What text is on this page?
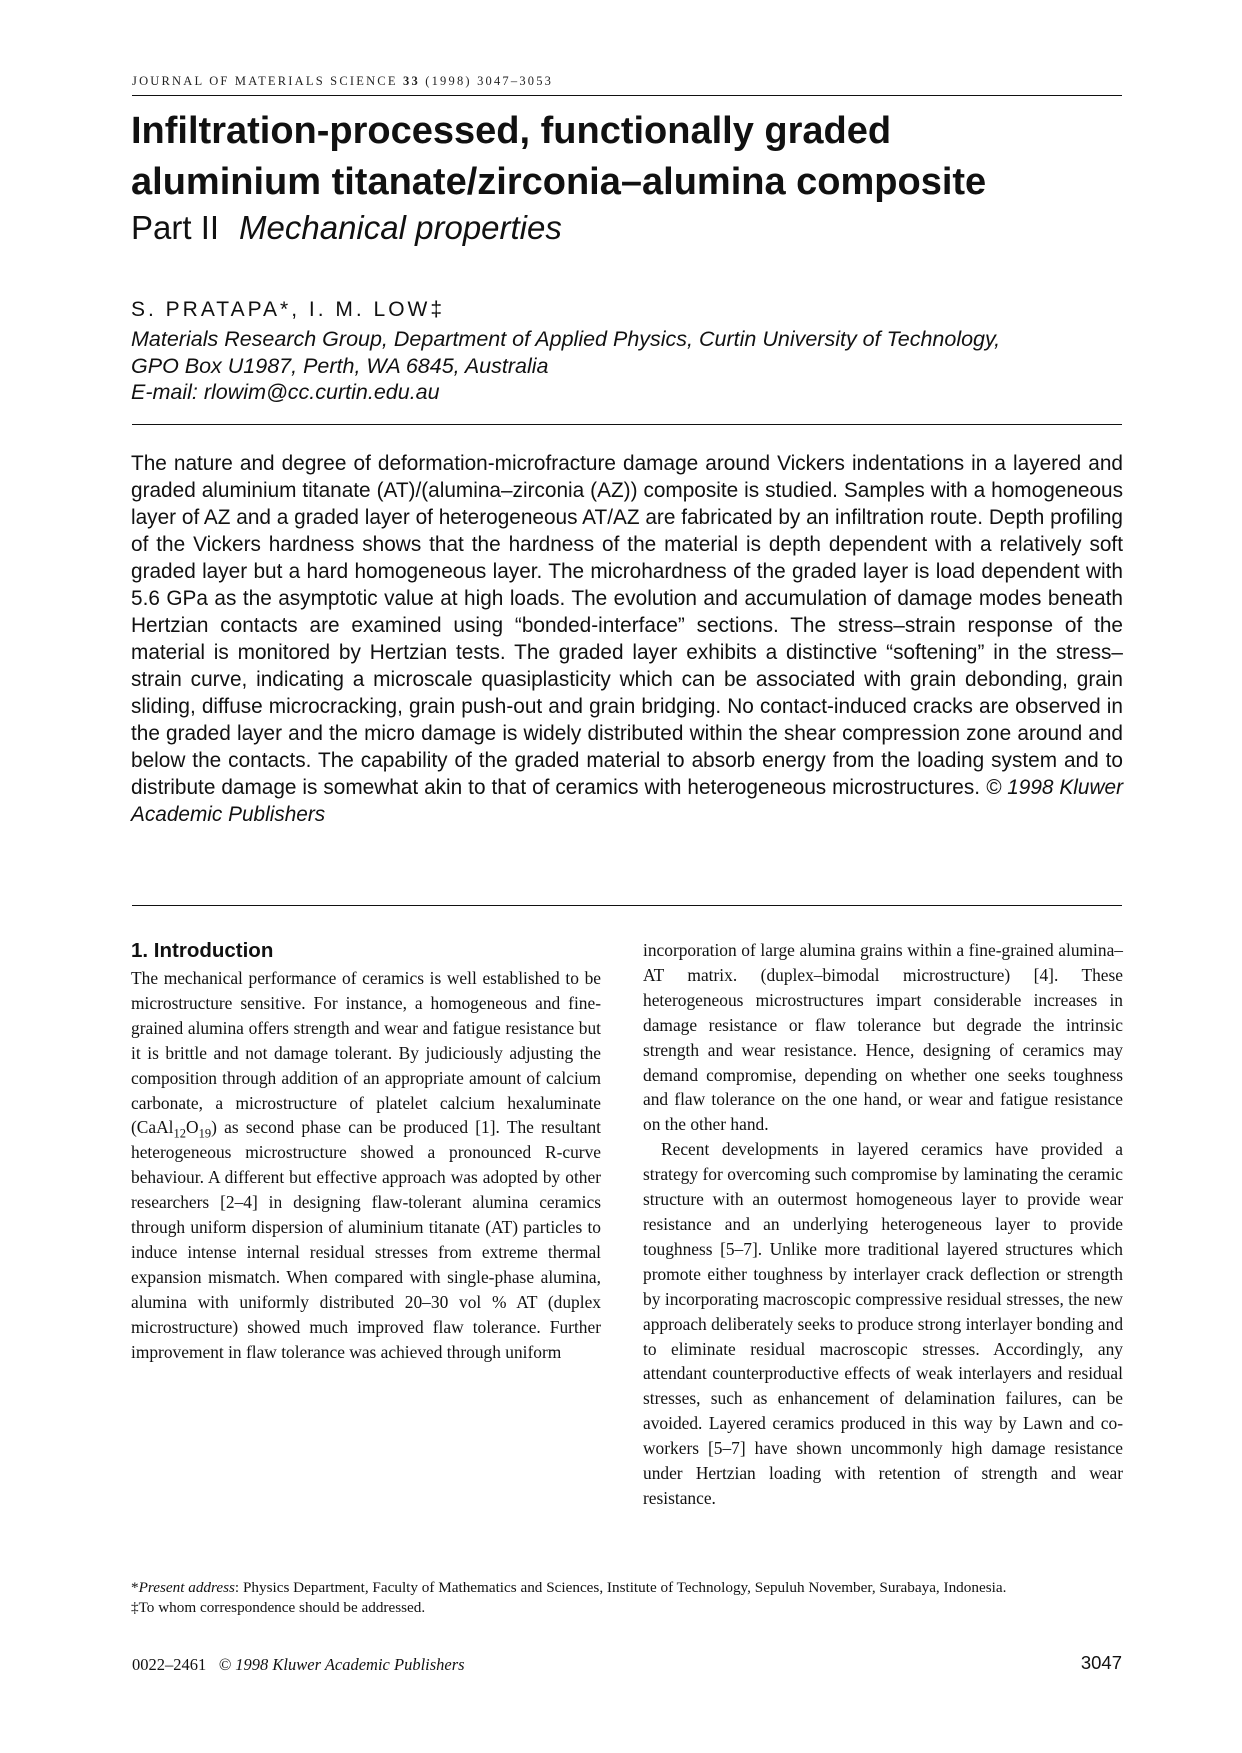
JOURNAL OF MATERIALS SCIENCE 33 (1998) 3047–3053
Infiltration-processed, functionally graded
aluminium titanate/zirconia–alumina composite
Part II Mechanical properties
S. PRATAPA*, I. M. LOW‡
Materials Research Group, Department of Applied Physics, Curtin University of Technology,
GPO Box U1987, Perth, WA 6845, Australia
E-mail: rlowim@cc.curtin.edu.au

The nature and degree of deformation-microfracture damage around Vickers indentations in a layered and graded aluminium titanate (AT)/(alumina–zirconia (AZ)) composite is studied. Samples with a homogeneous layer of AZ and a graded layer of heterogeneous AT/AZ are fabricated by an infiltration route. Depth profiling of the Vickers hardness shows that the hardness of the material is depth dependent with a relatively soft graded layer but a hard homogeneous layer. The microhardness of the graded layer is load dependent with 5.6 GPa as the asymptotic value at high loads. The evolution and accumulation of damage modes beneath Hertzian contacts are examined using “bonded-interface” sections. The stress–strain response of the material is monitored by Hertzian tests. The graded layer exhibits a distinctive “softening” in the stress–strain curve, indicating a microscale quasiplasticity which can be associated with grain debonding, grain sliding, diffuse microcracking, grain push-out and grain bridging. No contact-induced cracks are observed in the graded layer and the micro damage is widely distributed within the shear compression zone around and below the contacts. The capability of the graded material to absorb energy from the loading system and to distribute damage is somewhat akin to that of ceramics with heterogeneous microstructures. © 1998 Kluwer Academic Publishers

1. Introduction

The mechanical performance of ceramics is well established to be microstructure sensitive. For instance, a homogeneous and fine-grained alumina offers strength and wear and fatigue resistance but it is brittle and not damage tolerant. By judiciously adjusting the composition through addition of an appropriate amount of calcium carbonate, a microstructure of platelet calcium hexaluminate $(CaAl_{12}O_{19})$ as second phase can be produced [1]. The resultant heterogeneous microstructure showed a pronounced R-curve behaviour. A different but effective approach was adopted by other researchers [2–4] in designing flaw-tolerant alumina ceramics through uniform dispersion of aluminium titanate (AT) particles to induce intense internal residual stresses from extreme thermal expansion mismatch. When compared with single-phase alumina, alumina with uniformly distributed 20–30 vol % AT (duplex microstructure) showed much improved flaw tolerance. Further improvement in flaw tolerance was achieved through uniform

incorporation of large alumina grains within a fine-grained alumina–AT matrix. (duplex–bimodal microstructure) [4]. These heterogeneous microstructures impart considerable increases in damage resistance or flaw tolerance but degrade the intrinsic strength and wear resistance. Hence, designing of ceramics may demand compromise, depending on whether one seeks toughness and flaw tolerance on the one hand, or wear and fatigue resistance on the other hand.

Recent developments in layered ceramics have provided a strategy for overcoming such compromise by laminating the ceramic structure with an outermost homogeneous layer to provide wear resistance and an underlying heterogeneous layer to provide toughness [5–7]. Unlike more traditional layered structures which promote either toughness by interlayer crack deflection or strength by incorporating macroscopic compressive residual stresses, the new approach deliberately seeks to produce strong interlayer bonding and to eliminate residual macroscopic stresses. Accordingly, any attendant counterproductive effects of weak interlayers and residual stresses, such as enhancement of delamination failures, can be avoided. Layered ceramics produced in this way by Lawn and co-workers [5–7] have shown uncommonly high damage resistance under Hertzian loading with retention of strength and wear resistance.

*Present address: Physics Department, Faculty of Mathematics and Sciences, Institute of Technology, Sepuluh November, Surabaya, Indonesia.

‡To whom correspondence should be addressed.

0022–2461 © 1998 Kluwer Academic Publishers	3047
